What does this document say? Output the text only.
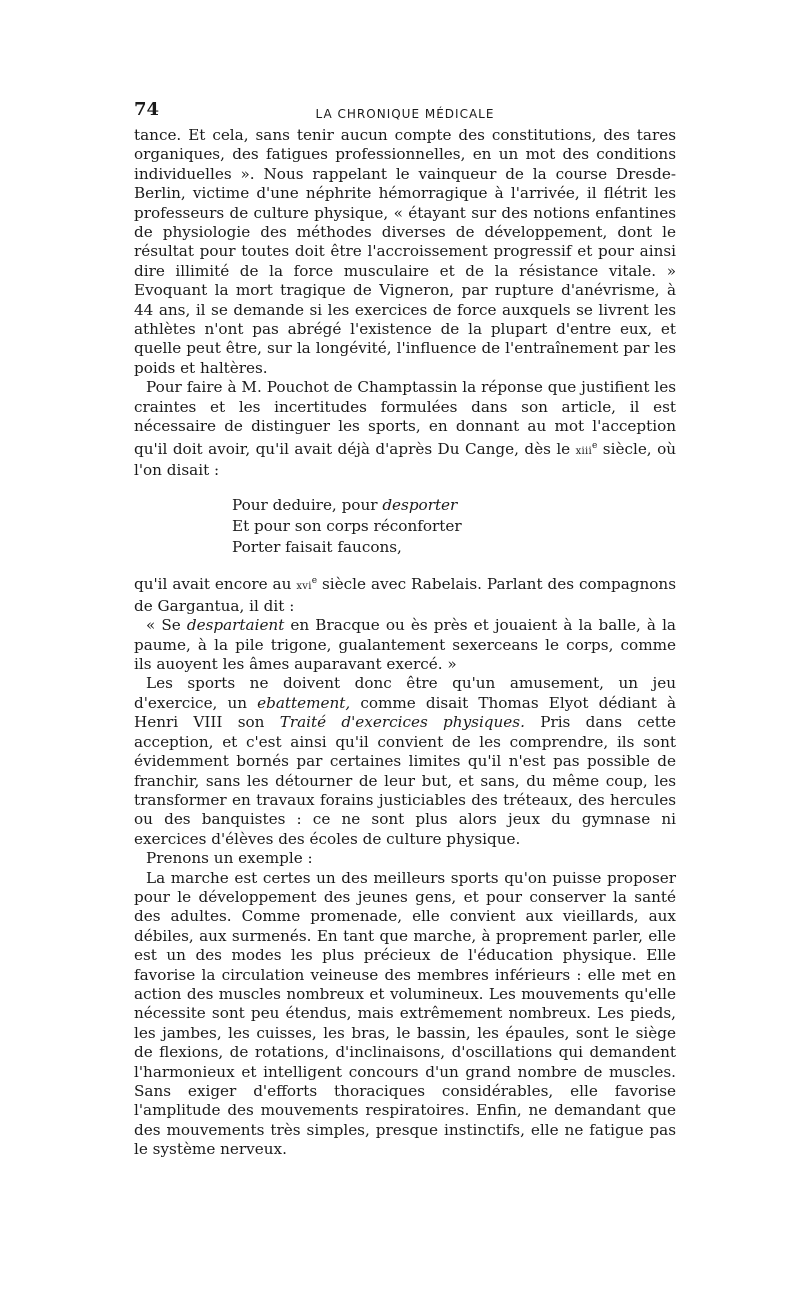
74	LA CHRONIQUE MÉDICALE

tance. Et cela, sans tenir aucun compte des constitutions, des tares organiques, des fatigues professionnelles, en un mot des conditions individuelles ». Nous rappelant le vainqueur de la course Dresde-Berlin, victime d'une néphrite hémorragique à l'arrivée, il flétrit les professeurs de culture physique, « étayant sur des notions enfantines de physiologie des méthodes diverses de développement, dont le résultat pour toutes doit être l'accroissement progressif et pour ainsi dire illimité de la force musculaire et de la résistance vitale. » Evoquant la mort tragique de Vigneron, par rupture d'anévrisme, à 44 ans, il se demande si les exercices de force auxquels se livrent les athlètes n'ont pas abrégé l'existence de la plupart d'entre eux, et quelle peut être, sur la longévité, l'influence de l'entraînement par les poids et haltères.

Pour faire à M. Pouchot de Champtassin la réponse que justifient les craintes et les incertitudes formulées dans son article, il est nécessaire de distinguer les sports, en donnant au mot l'acception qu'il doit avoir, qu'il avait déjà d'après Du Cange, dès le xiii$^e$ siècle, où l'on disait :

Pour deduire, pour desporter
Et pour son corps réconforter
Porter faisait faucons,

qu'il avait encore au xvi$^e$ siècle avec Rabelais. Parlant des compagnons de Gargantua, il dit :

« Se despartaient en Bracque ou ès près et jouaient à la balle, à la paume, à la pile trigone, gualantement sexerceans le corps, comme ils auoyent les âmes auparavant exercé. »

Les sports ne doivent donc être qu'un amusement, un jeu d'exercice, un ebattement, comme disait Thomas Elyot dédiant à Henri VIII son Traité d'exercices physiques. Pris dans cette acception, et c'est ainsi qu'il convient de les comprendre, ils sont évidemment bornés par certaines limites qu'il n'est pas possible de franchir, sans les détourner de leur but, et sans, du même coup, les transformer en travaux forains justiciables des tréteaux, des hercules ou des banquistes : ce ne sont plus alors jeux du gymnase ni exercices d'élèves des écoles de culture physique.

Prenons un exemple :

La marche est certes un des meilleurs sports qu'on puisse proposer pour le développement des jeunes gens, et pour conserver la santé des adultes. Comme promenade, elle convient aux vieillards, aux débiles, aux surmenés. En tant que marche, à proprement parler, elle est un des modes les plus précieux de l'éducation physique. Elle favorise la circulation veineuse des membres inférieurs : elle met en action des muscles nombreux et volumineux. Les mouvements qu'elle nécessite sont peu étendus, mais extrêmement nombreux. Les pieds, les jambes, les cuisses, les bras, le bassin, les épaules, sont le siège de flexions, de rotations, d'inclinaisons, d'oscillations qui demandent l'harmonieux et intelligent concours d'un grand nombre de muscles. Sans exiger d'efforts thoraciques considérables, elle favorise l'amplitude des mouvements respiratoires. Enfin, ne demandant que des mouvements très simples, presque instinctifs, elle ne fatigue pas le système nerveux.
